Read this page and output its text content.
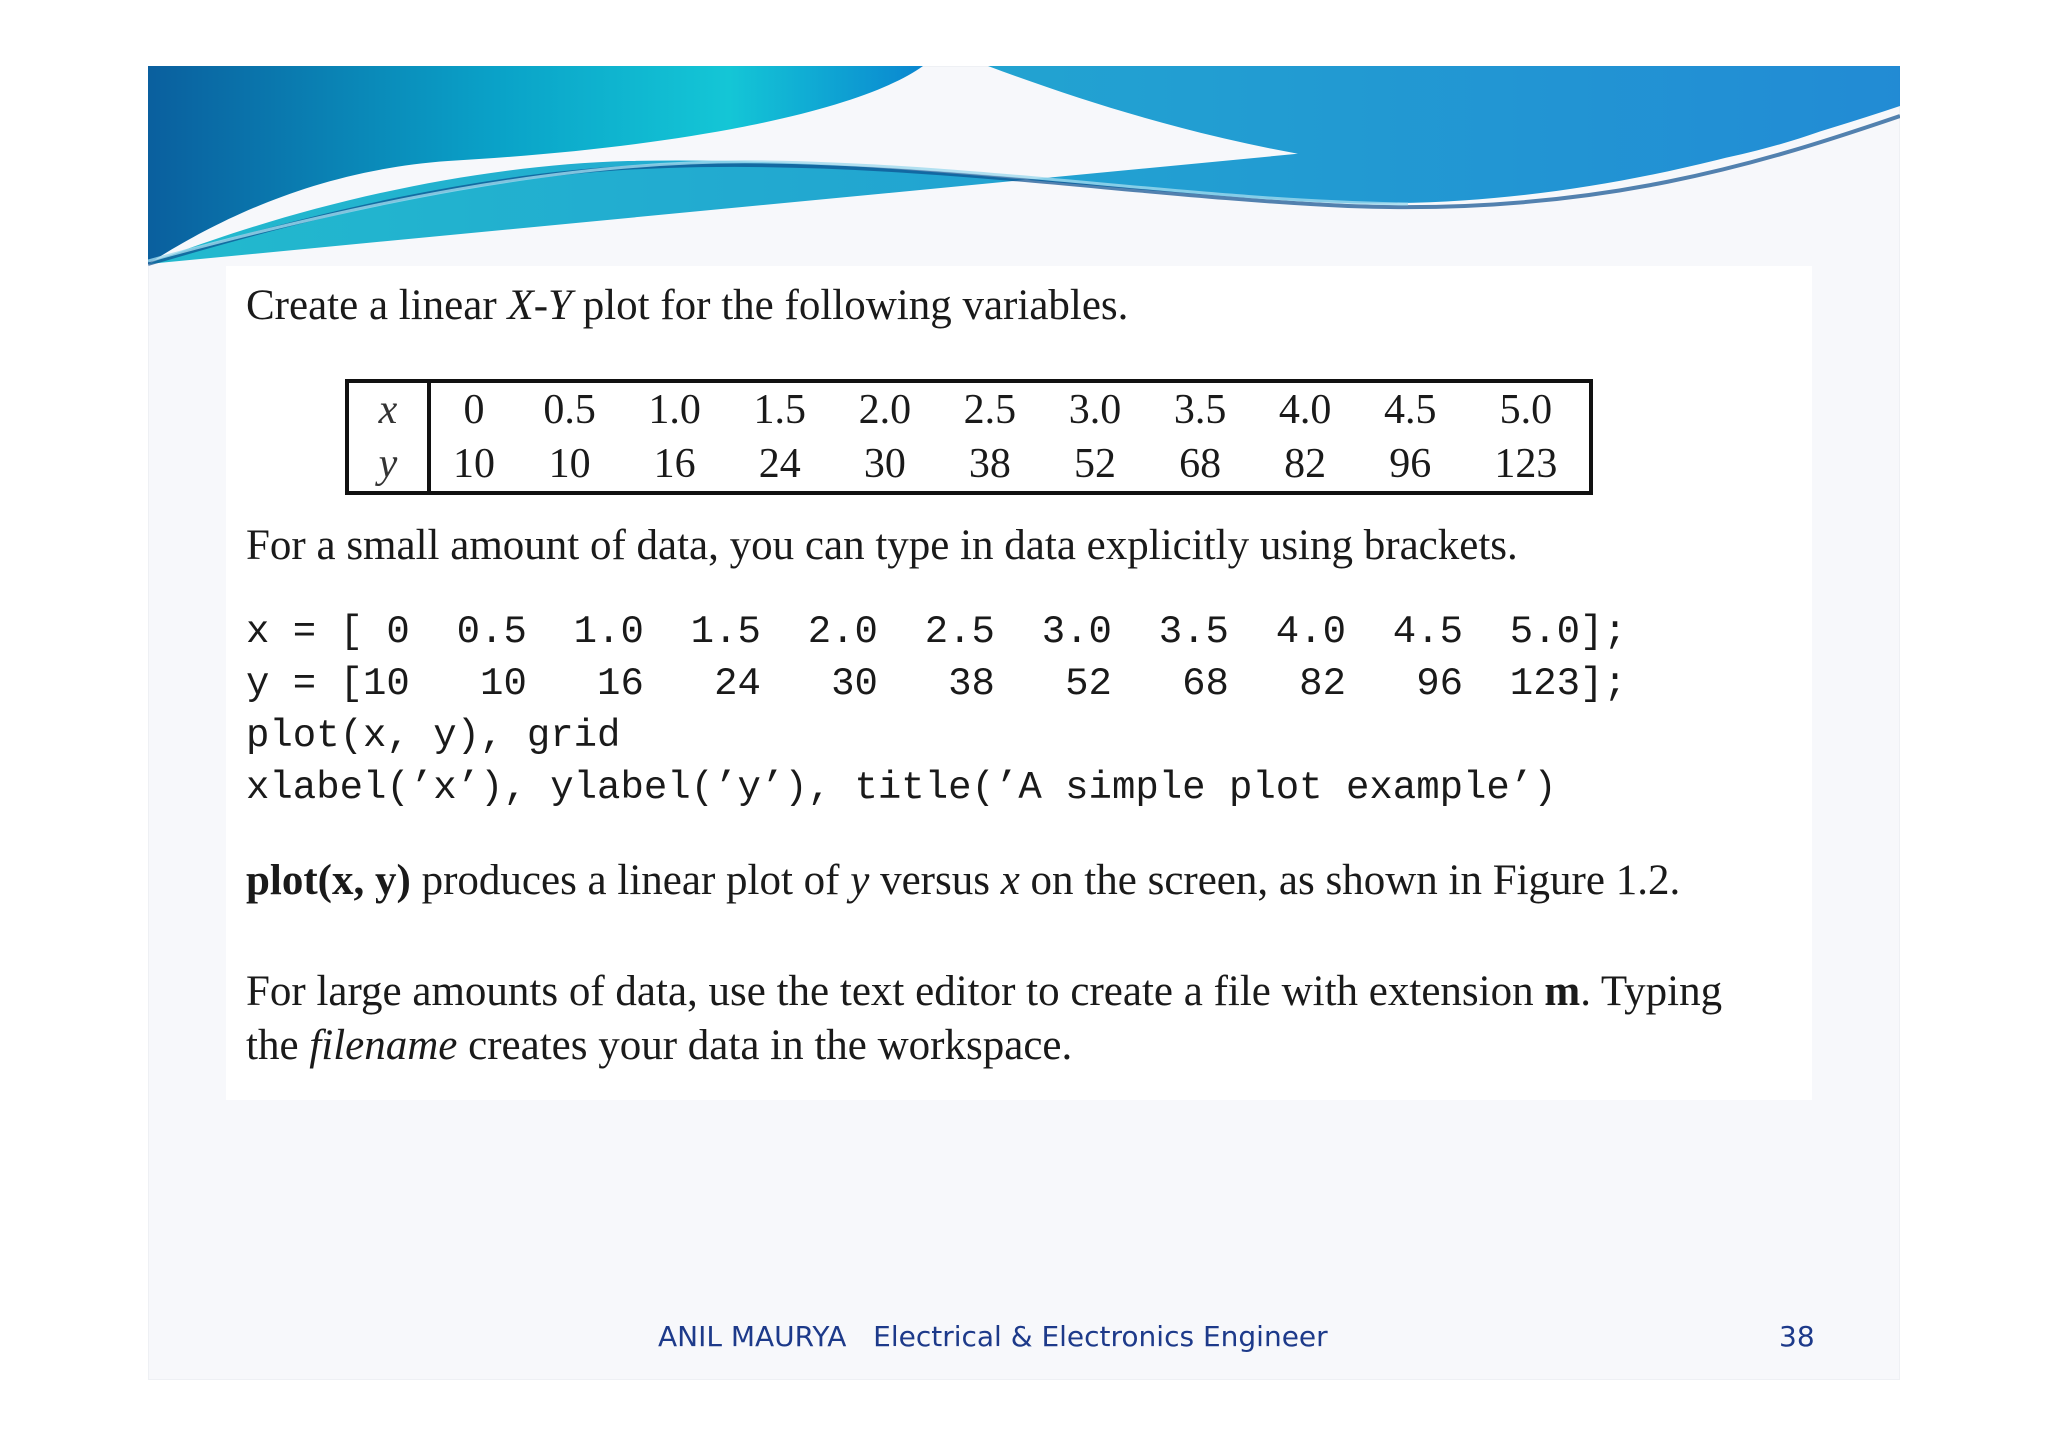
Create a linear X-Y plot for the following variables.

x	0	0.5	1.0	1.5	2.0	2.5	3.0	3.5	4.0	4.5	5.0
y	10	10	16	24	30	38	52	68	82	96	123

For a small amount of data, you can type in data explicitly using brackets.

x = [ 0  0.5  1.0  1.5  2.0  2.5  3.0  3.5  4.0  4.5  5.0];
y = [10   10   16   24   30   38   52   68   82   96  123];
plot(x, y), grid
xlabel(’x’), ylabel(’y’), title(’A simple plot example’)

plot(x, y) produces a linear plot of y versus x on the screen, as shown in Figure 1.2.

For large amounts of data, use the text editor to create a file with extension m. Typing

the filename creates your data in the workspace.

ANIL MAURYA Electrical & Electronics Engineer	38
